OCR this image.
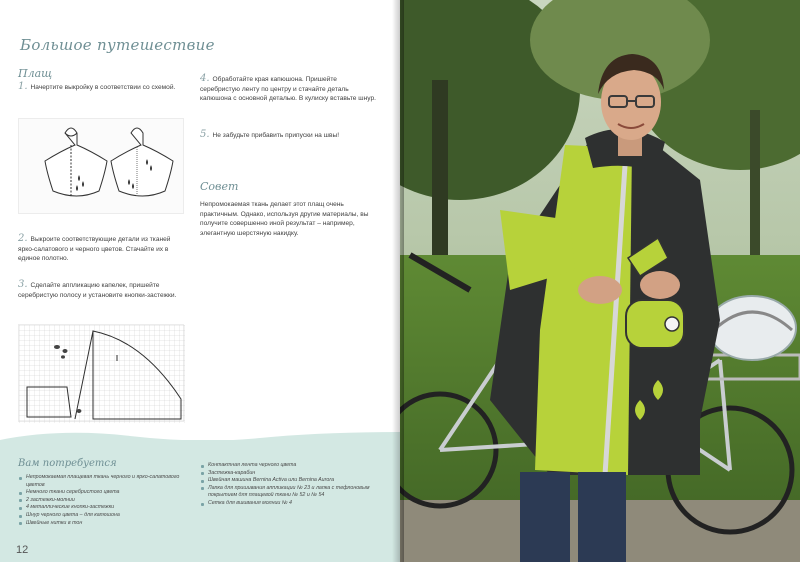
Большое путешествие
Плащ
1. Начертите выкройку в соответствии со схемой.
2. Выкроите соответствующие детали из тканей ярко-салатового и черного цветов. Стачайте их в единое полотно.
3. Сделайте аппликацию капелек, пришейте серебристую полосу и установите кнопки-застежки.
4. Обработайте края капюшона. Пришейте серебристую ленту по центру и стачайте деталь капюшона с основной деталью. В кулиску вставьте шнур.
5. Не забудьте прибавить припуски на швы!
Совет
Непромокаемая ткань делает этот плащ очень практичным. Однако, используя другие материалы, вы получите совершенно иной результат – например, элегантную шерстяную накидку.
Вам потребуется
Непромокаемая плащевая ткань черного и ярко-салатового цветов
Немного ткани серебристого цвета
2 застежки-молнии
4 металлические кнопки-застежки
Шнур черного цвета – для капюшона
Швейные нитки в тон
Контактная лента черного цвета
Застежка-карабин
Швейная машина Bernina Activa или Bernina Aurora
Лапка для пришивания аппликации № 23 и лапка с тефлоновым покрытием для плащевой ткани № 52 и № 54
Сетка для вшивания молнии № 4
12
